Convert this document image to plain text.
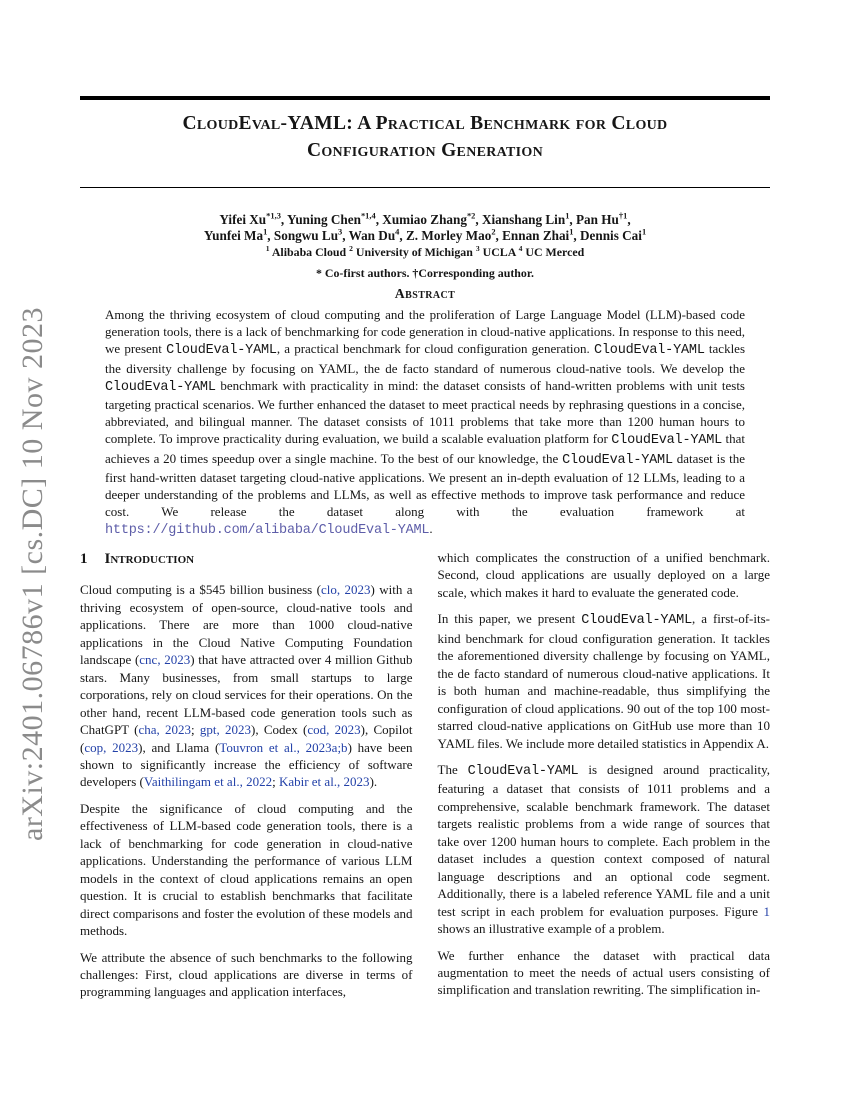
arXiv:2401.06786v1 [cs.DC] 10 Nov 2023
CloudEval-YAML: A Practical Benchmark for Cloud
Configuration Generation
Yifei Xu$^{*1,3}$, Yuning Chen$^{*1,4}$, Xumiao Zhang$^{*2}$, Xianshang Lin$^1$, Pan Hu$^{\dagger 1}$,
Yunfei Ma$^1$, Songwu Lu$^3$, Wan Du$^4$, Z. Morley Mao$^2$, Ennan Zhai$^1$, Dennis Cai$^1$
$^1$ Alibaba Cloud $^2$ University of Michigan $^3$ UCLA $^4$ UC Merced
* Co-first authors. †Corresponding author.
Abstract
Among the thriving ecosystem of cloud computing and the proliferation of Large Language Model (LLM)-based code generation tools, there is a lack of benchmarking for code generation in cloud-native applications. In response to this need, we present CloudEval-YAML, a practical benchmark for cloud configuration generation. CloudEval-YAML tackles the diversity challenge by focusing on YAML, the de facto standard of numerous cloud-native tools. We develop the CloudEval-YAML benchmark with practicality in mind: the dataset consists of hand-written problems with unit tests targeting practical scenarios. We further enhanced the dataset to meet practical needs by rephrasing questions in a concise, abbreviated, and bilingual manner. The dataset consists of 1011 problems that take more than 1200 human hours to complete. To improve practicality during evaluation, we build a scalable evaluation platform for CloudEval-YAML that achieves a 20 times speedup over a single machine. To the best of our knowledge, the CloudEval-YAML dataset is the first hand-written dataset targeting cloud-native applications. We present an in-depth evaluation of 12 LLMs, leading to a deeper understanding of the problems and LLMs, as well as effective methods to improve task performance and reduce cost. We release the dataset along with the evaluation framework at https://github.com/alibaba/CloudEval-YAML.
1 Introduction

Cloud computing is a $545 billion business (clo, 2023) with a thriving ecosystem of open-source, cloud-native tools and applications. There are more than 1000 cloud-native applications in the Cloud Native Computing Foundation landscape (cnc, 2023) that have attracted over 4 million Github stars. Many businesses, from small startups to large corporations, rely on cloud services for their operations. On the other hand, recent LLM-based code generation tools such as ChatGPT (cha, 2023; gpt, 2023), Codex (cod, 2023), Copilot (cop, 2023), and Llama (Touvron et al., 2023a;b) have been shown to significantly increase the efficiency of software developers (Vaithilingam et al., 2022; Kabir et al., 2023).

Despite the significance of cloud computing and the effectiveness of LLM-based code generation tools, there is a lack of benchmarking for code generation in cloud-native applications. Understanding the performance of various LLM models in the context of cloud applications remains an open question. It is crucial to establish benchmarks that facilitate direct comparisons and foster the evolution of these models and methods.

We attribute the absence of such benchmarks to the following challenges: First, cloud applications are diverse in terms of programming languages and application interfaces,

which complicates the construction of a unified benchmark. Second, cloud applications are usually deployed on a large scale, which makes it hard to evaluate the generated code.

In this paper, we present CloudEval-YAML, a first-of-its-kind benchmark for cloud configuration generation. It tackles the aforementioned diversity challenge by focusing on YAML, the de facto standard of numerous cloud-native applications. It is both human and machine-readable, thus simplifying the configuration of cloud applications. 90 out of the top 100 most-starred cloud-native applications on GitHub use more than 10 YAML files. We include more detailed statistics in Appendix A.

The CloudEval-YAML is designed around practicality, featuring a dataset that consists of 1011 problems and a comprehensive, scalable benchmark framework. The dataset targets realistic problems from a wide range of sources that take over 1200 human hours to complete. Each problem in the dataset includes a question context composed of natural language descriptions and an optional code segment. Additionally, there is a labeled reference YAML file and a unit test script in each problem for evaluation purposes. Figure 1 shows an illustrative example of a problem.

We further enhance the dataset with practical data augmentation to meet the needs of actual users consisting of simplification and translation rewriting. The simplification in-
